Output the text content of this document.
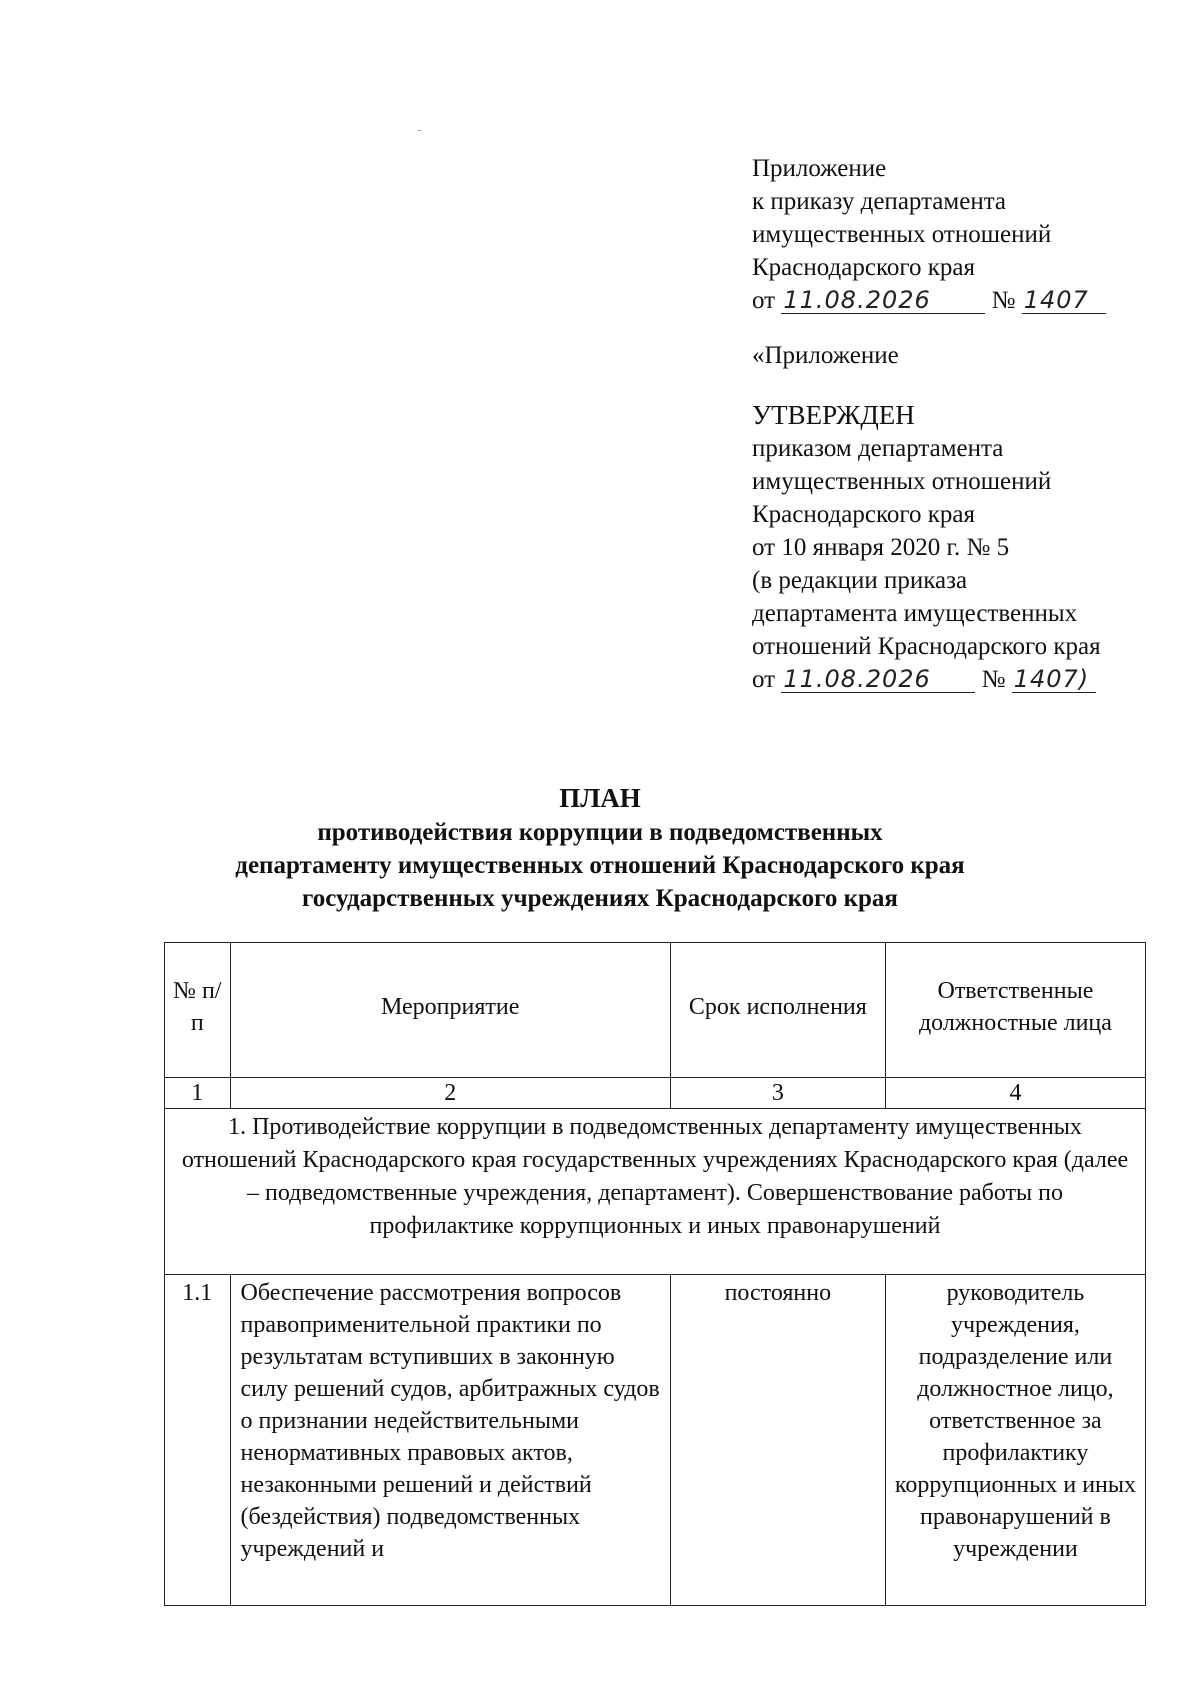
Приложение
к приказу департамента
имущественных отношений
Краснодарского края
от 11.08.2026 № 1407
«Приложение
УТВЕРЖДЕН
приказом департамента
имущественных отношений
Краснодарского края
от 10 января 2020 г. № 5
(в редакции приказа
департамента имущественных
отношений Краснодарского края
от 11.08.2026 № 1407)
ПЛАН
противодействия коррупции в подведомственных
департаменту имущественных отношений Краснодарского края
государственных учреждениях Краснодарского края
№ п/п	Мероприятие	Срок исполнения	Ответственные должностные лица
1	2	3	4
1. Противодействие коррупции в подведомственных департаменту имущественных отношений Краснодарского края государственных учреждениях Краснодарского края (далее – подведомственные учреждения, департамент). Совершенствование работы по профилактике коррупционных и иных правонарушений			
1.1	Обеспечение рассмотрения вопросов правоприменительной практики по результатам вступивших в законную силу решений судов, арбитражных судов о признании недействительными ненормативных правовых актов, незаконными решений и действий (бездействия) подведомственных учреждений и	постоянно	руководитель учреждения, подразделение или должностное лицо, ответственное за профилактику коррупционных и иных правонарушений в учреждении
